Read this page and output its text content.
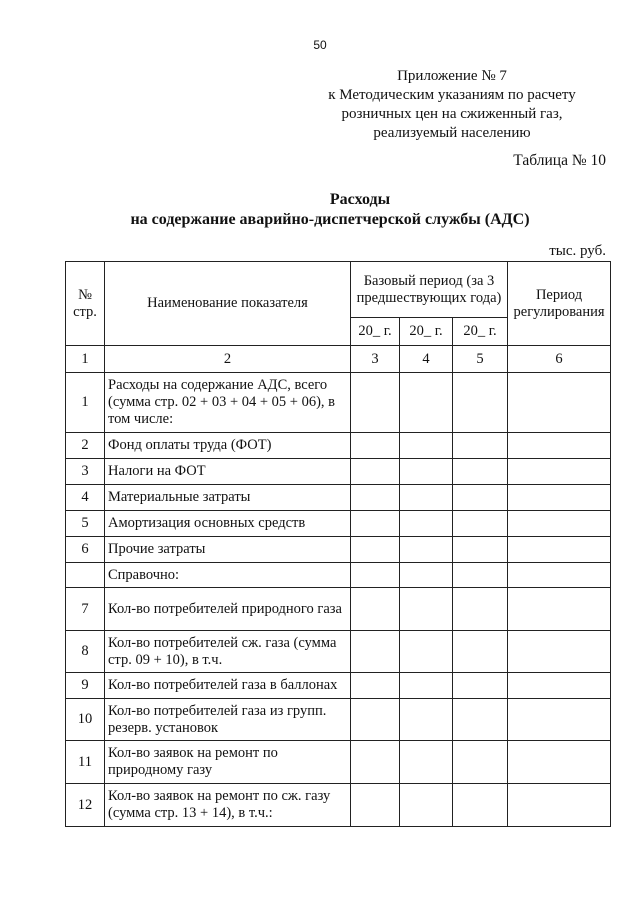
50
Приложение № 7
к Методическим указаниям по расчету
розничных цен на сжиженный газ,
реализуемый населению
Таблица № 10
Расходы
на содержание аварийно-диспетчерской службы (АДС)
тыс. руб.
№ стр.	Наименование показателя	Базовый период (за 3 предшествующих года)			Период регулирования
		20_ г.	20_ г.	20_ г.	
1	2	3	4	5	6
1	Расходы на содержание АДС, всего (сумма стр. 02 + 03 + 04 + 05 + 06), в том числе:				
2	Фонд оплаты труда (ФОТ)				
3	Налоги на ФОТ				
4	Материальные затраты				
5	Амортизация основных средств				
6	Прочие затраты				
	Справочно:				
7	Кол-во потребителей природного газа				
8	Кол-во потребителей сж. газа (сумма стр. 09 + 10), в т.ч.				
9	Кол-во потребителей газа в баллонах				
10	Кол-во потребителей газа из групп. резерв. установок				
11	Кол-во заявок на ремонт по природному газу				
12	Кол-во заявок на ремонт по сж. газу (сумма стр. 13 + 14), в т.ч.:				
